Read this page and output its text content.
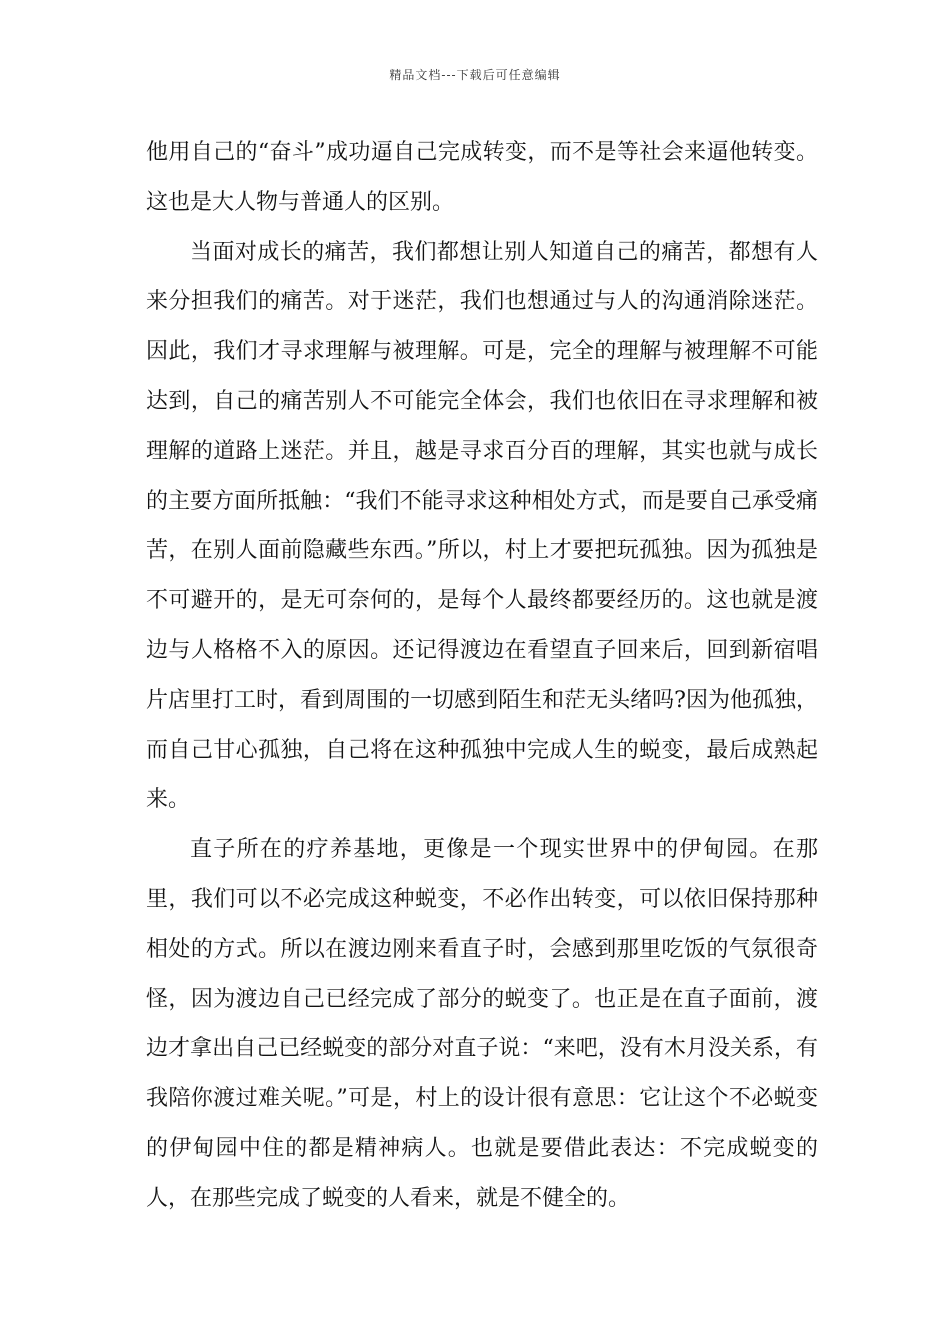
精品文档---下载后可任意编辑

他用自己的“奋斗”成功逼自己完成转变，而不是等社会来逼他转变。这也是大人物与普通人的区别。

当面对成长的痛苦，我们都想让别人知道自己的痛苦，都想有人来分担我们的痛苦。对于迷茫，我们也想通过与人的沟通消除迷茫。因此，我们才寻求理解与被理解。可是，完全的理解与被理解不可能达到，自己的痛苦别人不可能完全体会，我们也依旧在寻求理解和被理解的道路上迷茫。并且，越是寻求百分百的理解，其实也就与成长的主要方面所抵触：“我们不能寻求这种相处方式，而是要自己承受痛苦，在别人面前隐藏些东西。”所以，村上才要把玩孤独。因为孤独是不可避开的，是无可奈何的，是每个人最终都要经历的。这也就是渡边与人格格不入的原因。还记得渡边在看望直子回来后，回到新宿唱片店里打工时，看到周围的一切感到陌生和茫无头绪吗?因为他孤独，而自己甘心孤独，自己将在这种孤独中完成人生的蜕变，最后成熟起来。

直子所在的疗养基地，更像是一个现实世界中的伊甸园。在那里，我们可以不必完成这种蜕变，不必作出转变，可以依旧保持那种相处的方式。所以在渡边刚来看直子时，会感到那里吃饭的气氛很奇怪，因为渡边自己已经完成了部分的蜕变了。也正是在直子面前，渡边才拿出自己已经蜕变的部分对直子说：“来吧，没有木月没关系，有我陪你渡过难关呢。”可是，村上的设计很有意思：它让这个不必蜕变的伊甸园中住的都是精神病人。也就是要借此表达：不完成蜕变的人，在那些完成了蜕变的人看来，就是不健全的。
